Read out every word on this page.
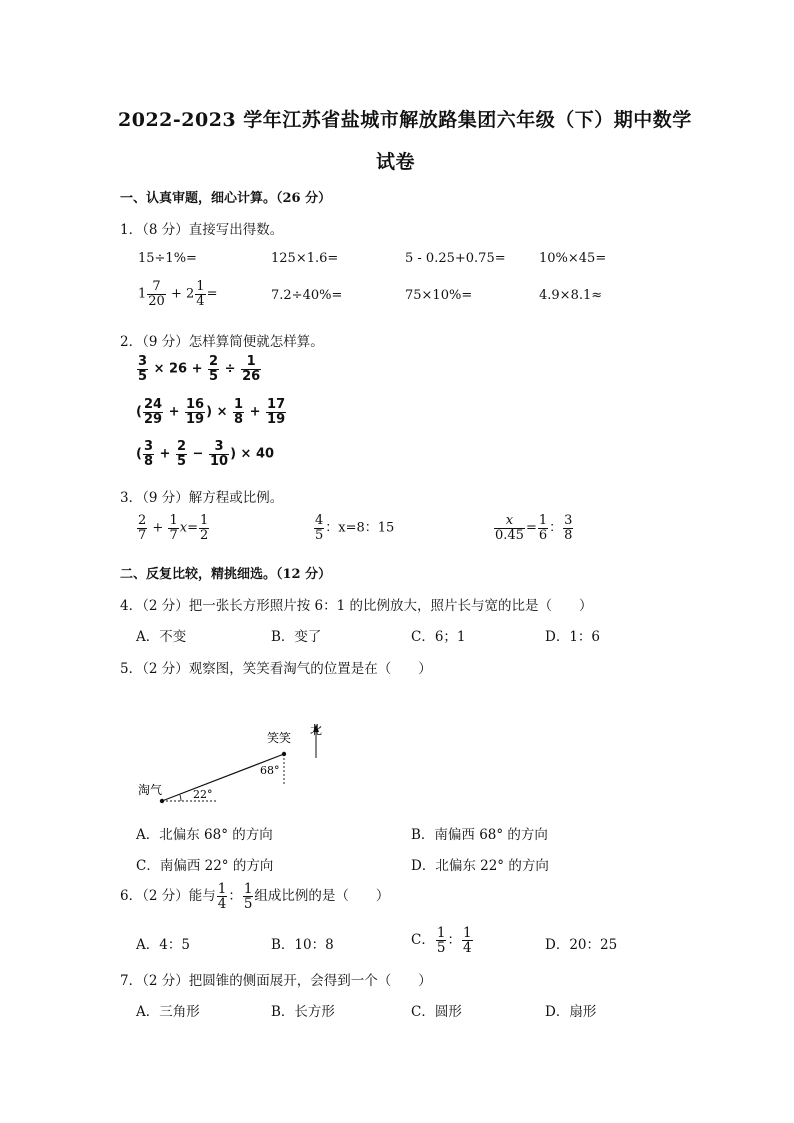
2022-2023 学年江苏省盐城市解放路集团六年级（下）期中数学
试卷
一、认真审题，细心计算。（26 分）
1．（8 分）直接写出得数。
15÷1%=	125×1.6=	5 - 0.25+0.75=	10%×45=
$1 \frac{7}{20} + 2 \frac{1}{4}$ =	7.2÷40%=	75×10%=	4.9×8.1≈
2．（9 分）怎样算简便就怎样算。
$\frac{3}{5} \times 26 + \frac{2}{5} \div \frac{1}{26}$
( $\frac{24}{29} + \frac{16}{19}$ ) × $\frac{1}{8} + \frac{17}{19}$
( $\frac{3}{8} + \frac{2}{5} - \frac{3}{10}$ ) × 40
3．（9 分）解方程或比例。
$\frac{2}{7} + \frac{1}{7} x= \frac{1}{2}$	$\frac{4}{5}$ ：x=8：15	$\frac{x}{0.45} = \frac{1}{6}$ ： $\frac{3}{8}$
二、反复比较，精挑细选。（12 分）
4．（2 分）把一张长方形照片按 6：1 的比例放大，照片长与宽的比是（　　）
A．不变	B．变了	C．6；1	D．1：6
5．（2 分）观察图，笑笑看淘气的位置是在（　　）
笑笑
淘气
北
68°
22°
A．北偏东 68° 的方向	B．南偏西 68° 的方向
C．南偏西 22° 的方向	D．北偏东 22° 的方向
6．（2 分）能与 $\frac{1}{4}$ ： $\frac{1}{5}$ 组成比例的是（　　）
A．4：5	B．10：8	C． $\frac{1}{5}$ ： $\frac{1}{4}$	D．20：25
7．（2 分）把圆锥的侧面展开，会得到一个（　　）
A．三角形	B．长方形	C．圆形	D．扇形
